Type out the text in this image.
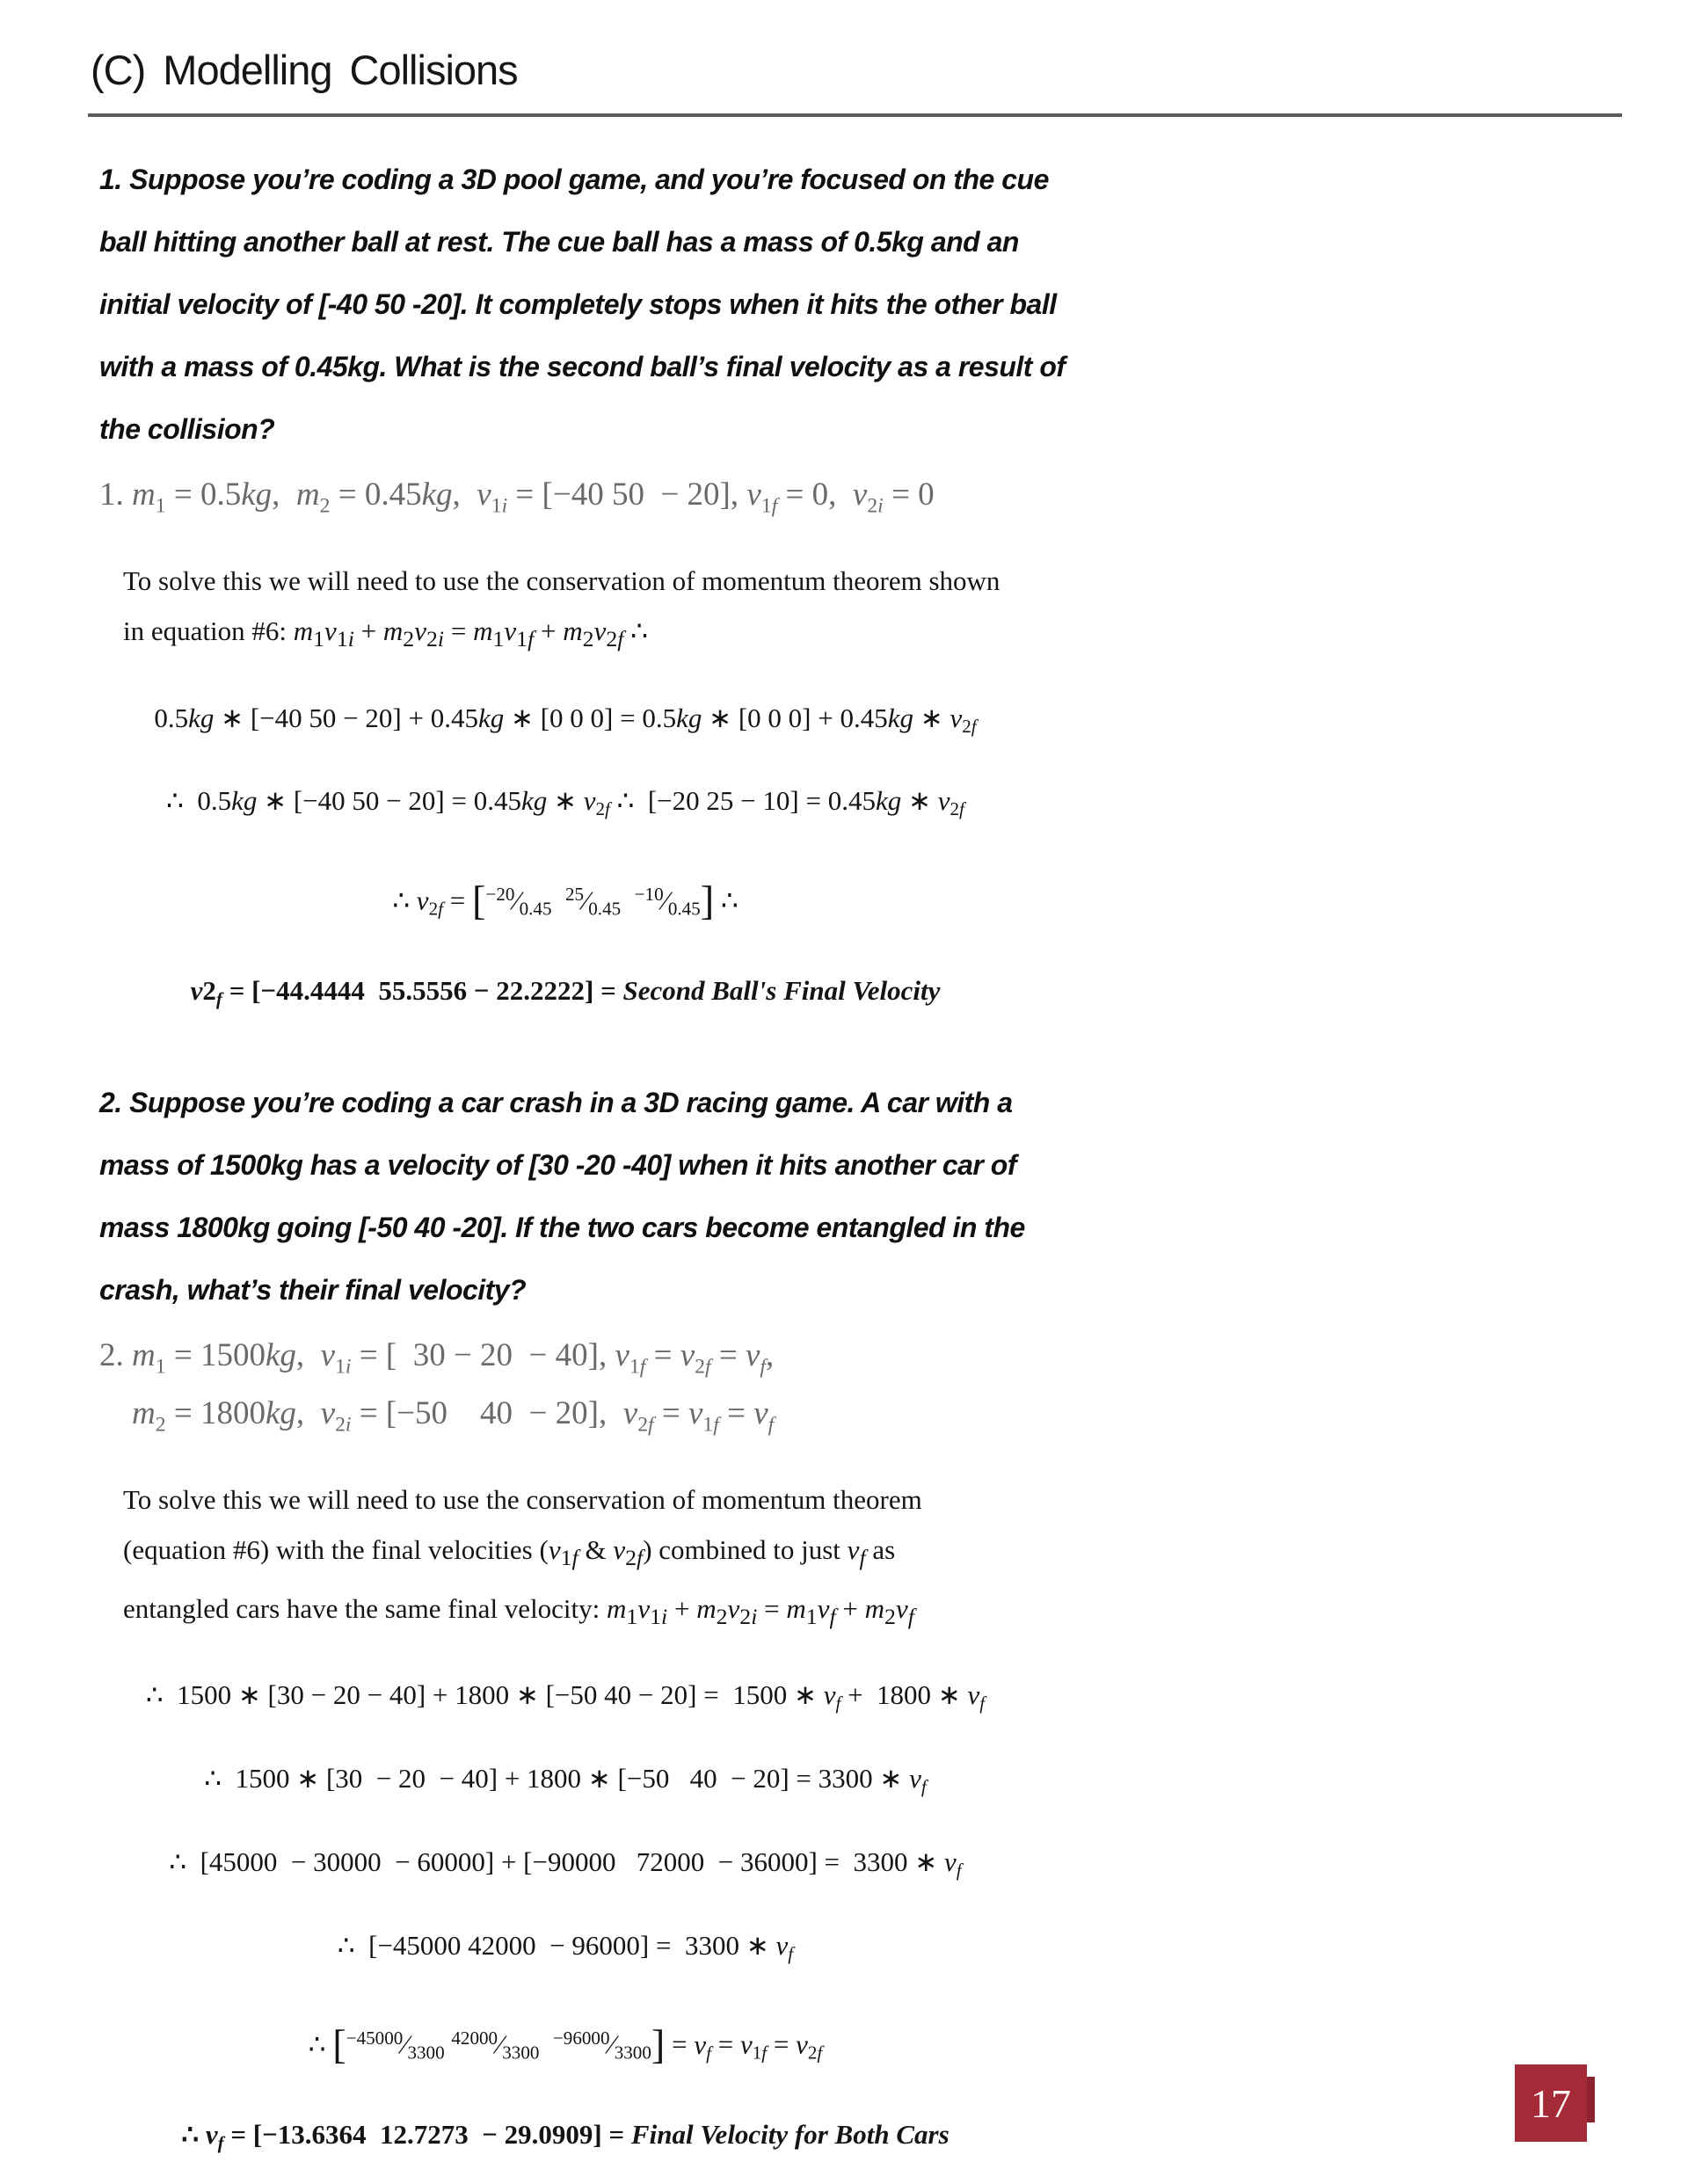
(C) Modelling Collisions

1. Suppose you’re coding a 3D pool game, and you’re focused on the cue ball hitting another ball at rest. The cue ball has a mass of 0.5kg and an initial velocity of [-40 50 -20]. It completely stops when it hits the other ball with a mass of 0.45kg. What is the second ball’s final velocity as a result of the collision?

1. $m_1 = 0.5kg$,  $m_2 = 0.45kg$,  $v_{1i} = [-40$ 50  − 20], $v_{1f} = 0$,  $v_{2i} = 0$

To solve this we will need to use the conservation of momentum theorem shown in equation #6: $m_1v_{1i} + m_2v_{2i} = m_1v_{1f} + m_2v_{2f}$ ∴

0.5kg ∗ [−40 50 − 20] + 0.45kg ∗ [0 0 0] = 0.5kg ∗ [0 0 0] + 0.45kg ∗ $v_{2f}$
∴  0.5kg ∗ [−40 50 − 20] = 0.45kg ∗ $v_{2f}$ ∴  [−20 25 − 10] = 0.45kg ∗ $v_{2f}$
∴ $v_{2f}$ = [$^{-20}⁄_{0.45}$  $^{25}⁄_{0.45}$  $^{-10}⁄_{0.45}$] ∴
$v2_f = [-44.4444$  55.5556 − 22.2222] = Second Ball's Final Velocity

2. Suppose you’re coding a car crash in a 3D racing game. A car with a mass of 1500kg has a velocity of [30 -20 -40] when it hits another car of mass 1800kg going [-50 40 -20]. If the two cars become entangled in the crash, what’s their final velocity?

2. $m_1 = 1500kg$,  $v_{1i}$ = [  30 − 20  − 40], $v_{1f} = v_{2f} = v_f$,
$m_2 = 1800kg$,  $v_{2i} = [-50$    40  − 20],  $v_{2f} = v_{1f} = v_f$

To solve this we will need to use the conservation of momentum theorem (equation #6) with the final velocities ($v_{1f}$ & $v_{2f}$) combined to just $v_f$ as entangled cars have the same final velocity: $m_1v_{1i} + m_2v_{2i} = m_1v_f + m_2v_f$

∴  1500 ∗ [30 − 20 − 40] + 1800 ∗ [−50 40 − 20] =  1500 ∗ $v_f + 1800$ ∗ $v_f$
∴  1500 ∗ [30  − 20  − 40] + 1800 ∗ [−50   40  − 20] = 3300 ∗ $v_f$
∴  [45000  − 30000  − 60000] + [−90000   72000  − 36000] =  3300 ∗ $v_f$
∴  [−45000 42000  − 96000] =  3300 ∗ $v_f$
∴ [$^{-45000}⁄_{3300}$ $^{42000}⁄_{3300}$  $^{-96000}⁄_{3300}] = v_f = v_{1f} = v_{2f}$
∴ $v_f = [-13.6364$  12.7273  − 29.0909] = Final Velocity for Both Cars
17
